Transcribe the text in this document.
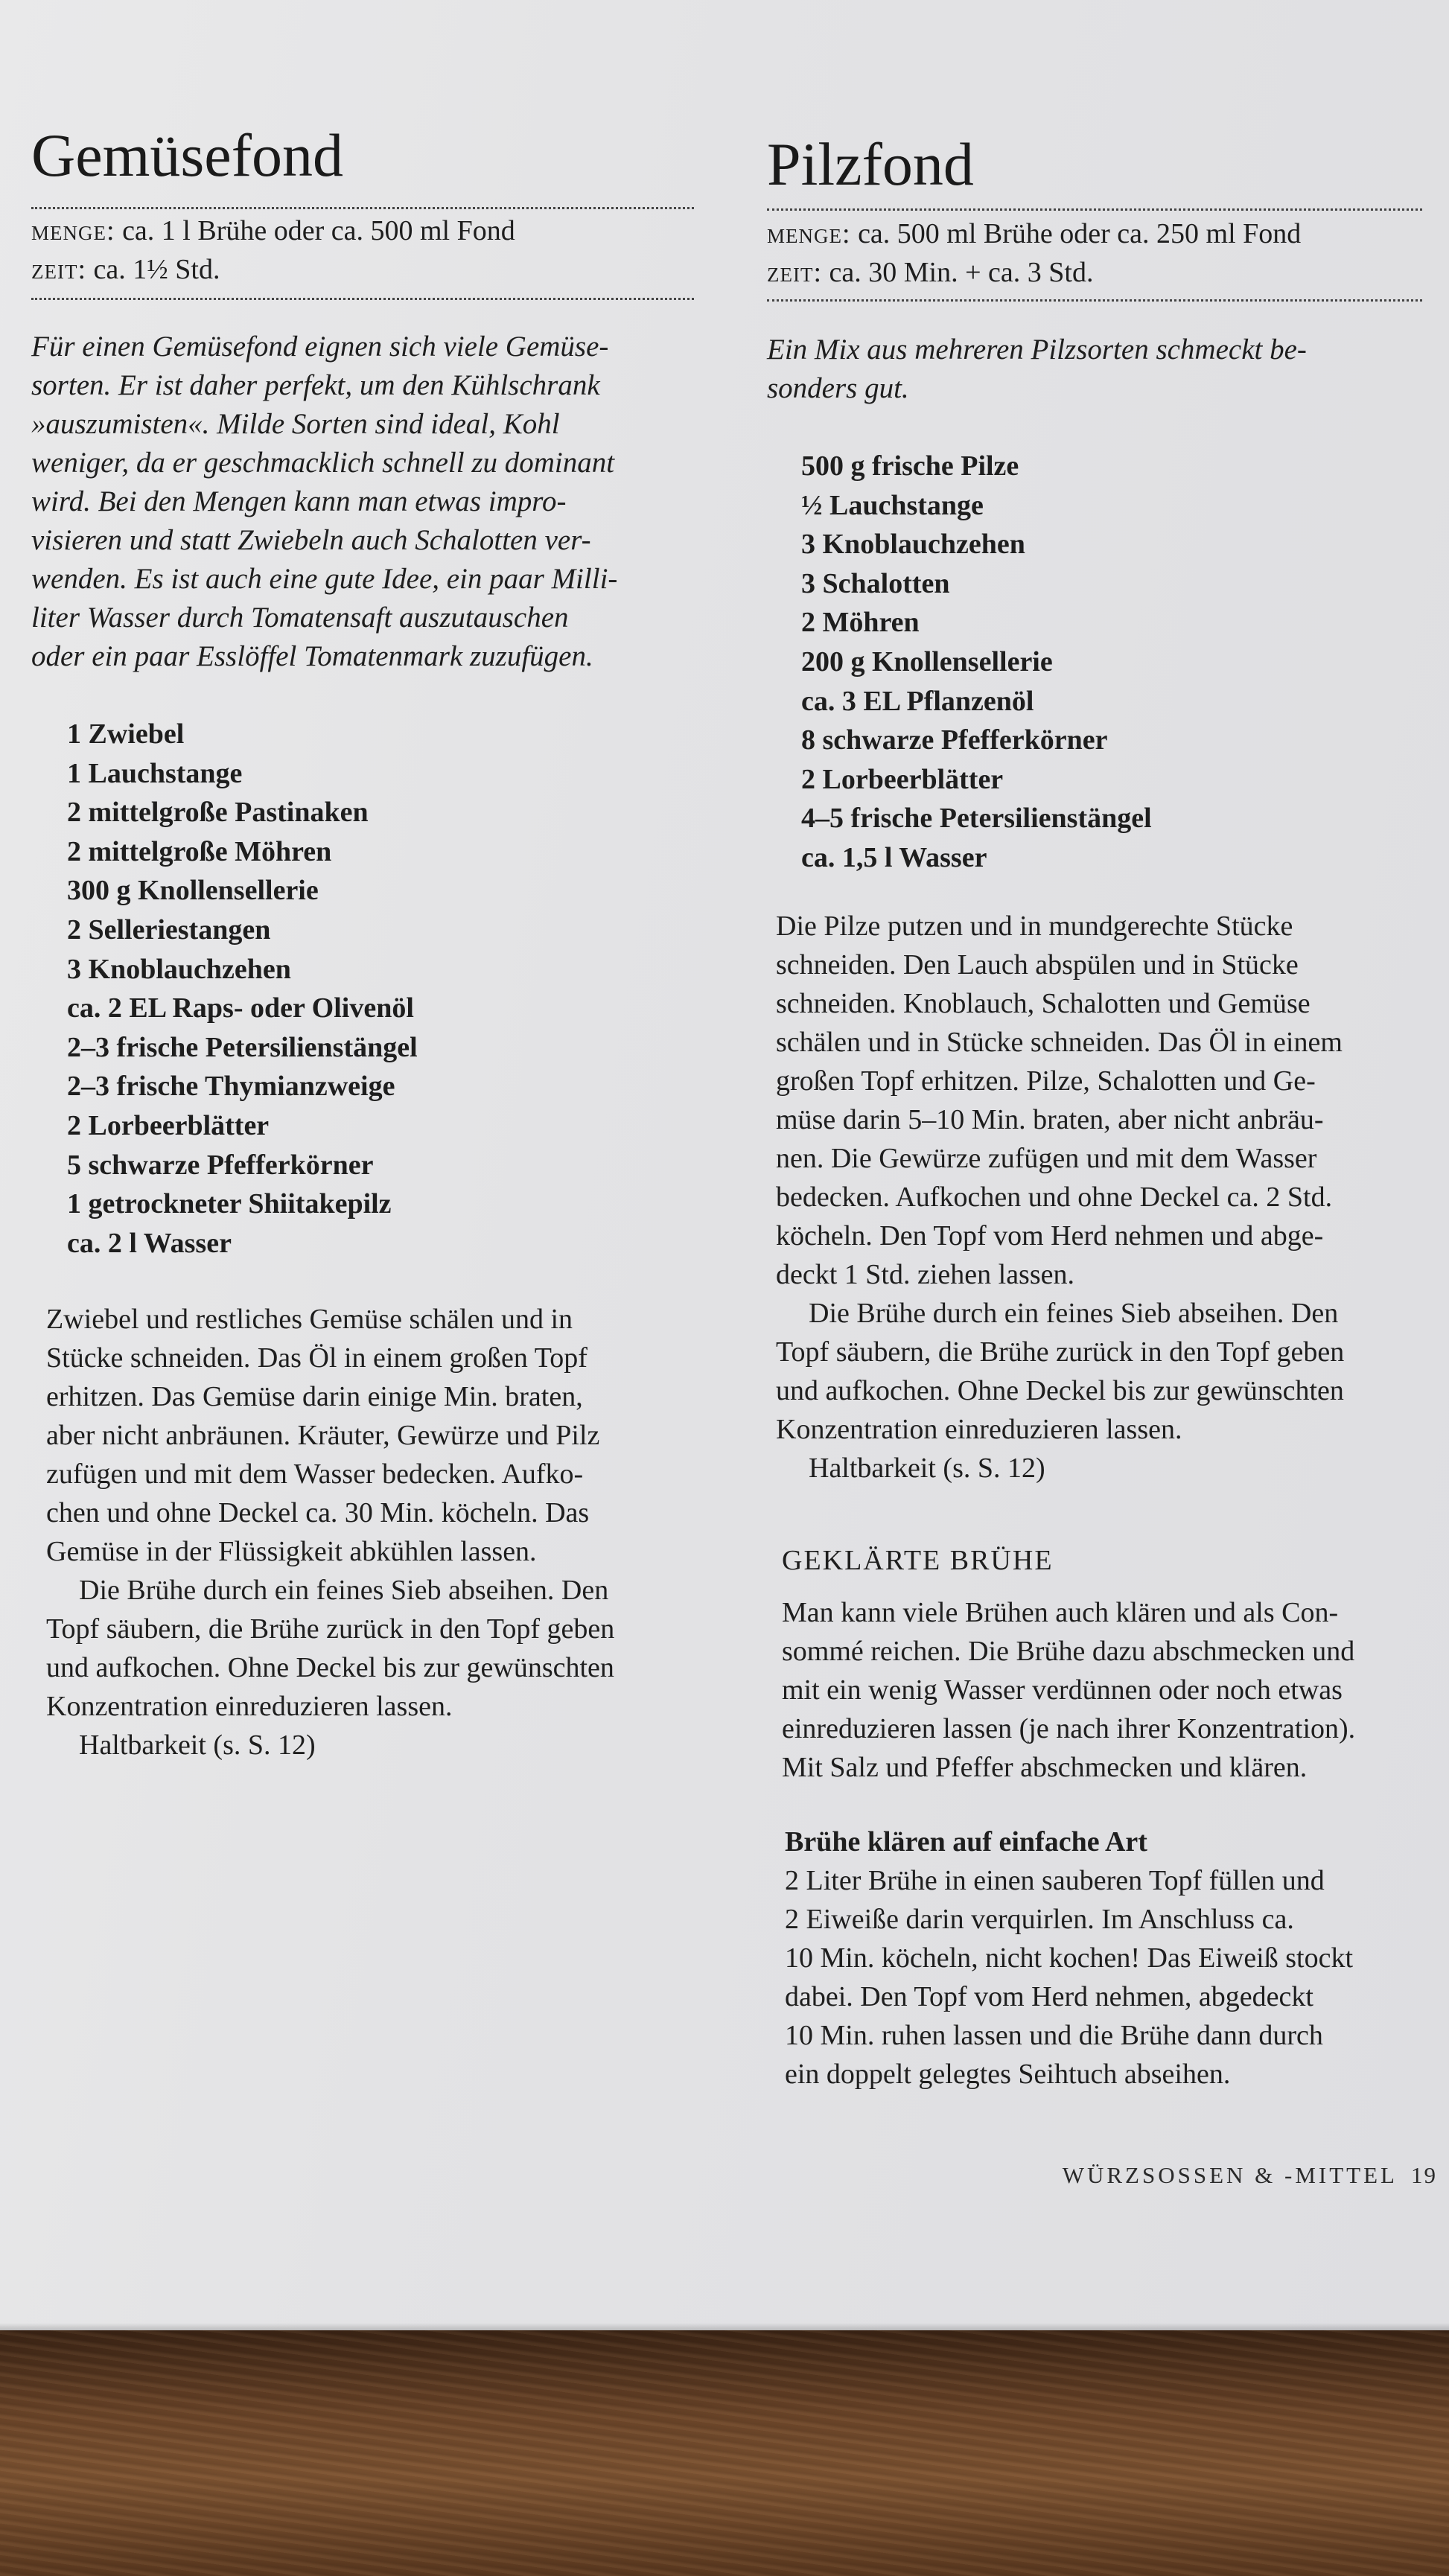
Gemüsefond
menge: ca. 1 l Brühe oder ca. 500 ml Fond
zeit: ca. 1½ Std.
Für einen Gemüsefond eignen sich viele Gemüse-
sorten. Er ist daher perfekt, um den Kühlschrank
»auszumisten«. Milde Sorten sind ideal, Kohl
weniger, da er geschmacklich schnell zu dominant
wird. Bei den Mengen kann man etwas impro-
visieren und statt Zwiebeln auch Schalotten ver-
wenden. Es ist auch eine gute Idee, ein paar Milli-
liter Wasser durch Tomatensaft auszutauschen
oder ein paar Esslöffel Tomatenmark zuzufügen.
1 Zwiebel
1 Lauchstange
2 mittelgroße Pastinaken
2 mittelgroße Möhren
300 g Knollensellerie
2 Selleriestangen
3 Knoblauchzehen
ca. 2 EL Raps- oder Olivenöl
2–3 frische Petersilienstängel
2–3 frische Thymianzweige
2 Lorbeerblätter
5 schwarze Pfefferkörner
1 getrockneter Shiitakepilz
ca. 2 l Wasser
Zwiebel und restliches Gemüse schälen und in
Stücke schneiden. Das Öl in einem großen Topf
erhitzen. Das Gemüse darin einige Min. braten,
aber nicht anbräunen. Kräuter, Gewürze und Pilz
zufügen und mit dem Wasser bedecken. Aufko-
chen und ohne Deckel ca. 30 Min. köcheln. Das
Gemüse in der Flüssigkeit abkühlen lassen.
Die Brühe durch ein feines Sieb abseihen. Den
Topf säubern, die Brühe zurück in den Topf geben
und aufkochen. Ohne Deckel bis zur gewünschten
Konzentration einreduzieren lassen.
Haltbarkeit (s. S. 12)
Pilzfond
menge: ca. 500 ml Brühe oder ca. 250 ml Fond
zeit: ca. 30 Min. + ca. 3 Std.
Ein Mix aus mehreren Pilzsorten schmeckt be-
sonders gut.
500 g frische Pilze
½ Lauchstange
3 Knoblauchzehen
3 Schalotten
2 Möhren
200 g Knollensellerie
ca. 3 EL Pflanzenöl
8 schwarze Pfefferkörner
2 Lorbeerblätter
4–5 frische Petersilienstängel
ca. 1,5 l Wasser
Die Pilze putzen und in mundgerechte Stücke
schneiden. Den Lauch abspülen und in Stücke
schneiden. Knoblauch, Schalotten und Gemüse
schälen und in Stücke schneiden. Das Öl in einem
großen Topf erhitzen. Pilze, Schalotten und Ge-
müse darin 5–10 Min. braten, aber nicht anbräu-
nen. Die Gewürze zufügen und mit dem Wasser
bedecken. Aufkochen und ohne Deckel ca. 2 Std.
köcheln. Den Topf vom Herd nehmen und abge-
deckt 1 Std. ziehen lassen.
Die Brühe durch ein feines Sieb abseihen. Den
Topf säubern, die Brühe zurück in den Topf geben
und aufkochen. Ohne Deckel bis zur gewünschten
Konzentration einreduzieren lassen.
Haltbarkeit (s. S. 12)
GEKLÄRTE BRÜHE
Man kann viele Brühen auch klären und als Con-
sommé reichen. Die Brühe dazu abschmecken und
mit ein wenig Wasser verdünnen oder noch etwas
einreduzieren lassen (je nach ihrer Konzentration).
Mit Salz und Pfeffer abschmecken und klären.
Brühe klären auf einfache Art
2 Liter Brühe in einen sauberen Topf füllen und
2 Eiweiße darin verquirlen. Im Anschluss ca.
10 Min. köcheln, nicht kochen! Das Eiweiß stockt
dabei. Den Topf vom Herd nehmen, abgedeckt
10 Min. ruhen lassen und die Brühe dann durch
ein doppelt gelegtes Seihtuch abseihen.
WÜRZSOSSEN & -MITTEL 19
